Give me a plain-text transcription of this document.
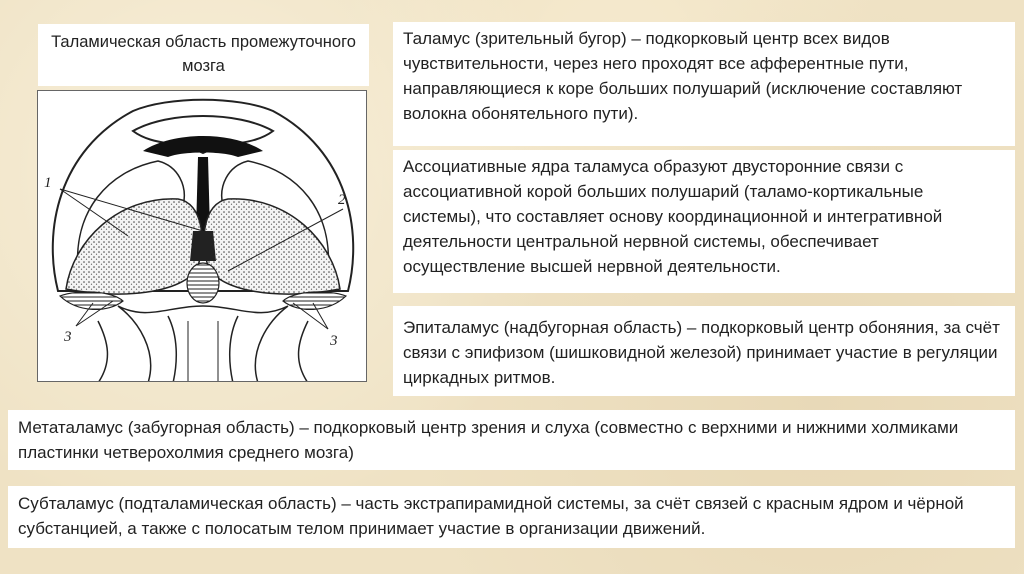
Таламическая область промежуточного мозга
1
2
3	3
Таламус (зрительный бугор) – подкорковый центр всех видов чувствительности, через него проходят все афферентные пути, направляющиеся к коре больших полушарий (исключение составляют волокна обонятельного пути).
Ассоциативные ядра таламуса образуют двусторонние связи с ассоциативной корой больших полушарий (таламо-кортикальные системы), что составляет основу координационной и интегративной деятельности центральной нервной системы, обеспечивает осуществление высшей нервной деятельности.
Эпиталамус (надбугорная область) – подкорковый центр обоняния, за счёт связи с эпифизом (шишковидной железой) принимает участие в регуляции циркадных ритмов.
Метаталамус (забугорная область) – подкорковый центр зрения и слуха (совместно с верхними и нижними холмиками пластинки четверохолмия среднего мозга)
Субталамус (подталамическая область) – часть экстрапирамидной системы, за счёт связей с красным ядром и чёрной субстанцией, а также с полосатым телом принимает участие в организации движений.
